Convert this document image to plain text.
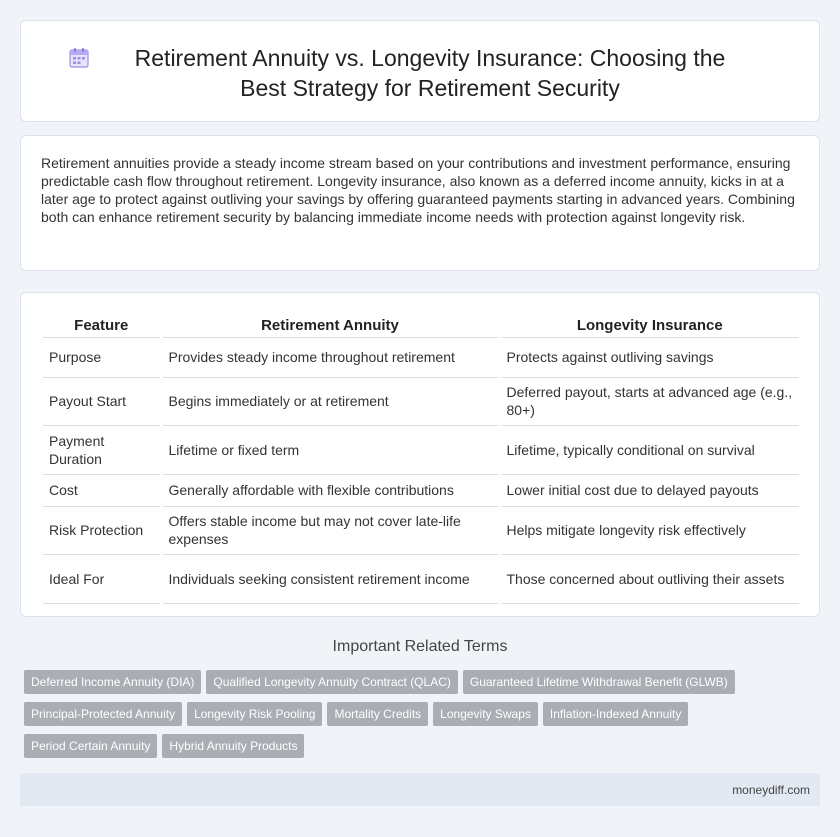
Retirement Annuity vs. Longevity Insurance: Choosing the Best Strategy for Retirement Security

Retirement annuities provide a steady income stream based on your contributions and investment performance, ensuring predictable cash flow throughout retirement. Longevity insurance, also known as a deferred income annuity, kicks in at a later age to protect against outliving your savings by offering guaranteed payments starting in advanced years. Combining both can enhance retirement security by balancing immediate income needs with protection against longevity risk.

Feature	Retirement Annuity	Longevity Insurance
Purpose	Provides steady income throughout retirement	Protects against outliving savings
Payout Start	Begins immediately or at retirement	Deferred payout, starts at advanced age (e.g., 80+)
Payment Duration	Lifetime or fixed term	Lifetime, typically conditional on survival
Cost	Generally affordable with flexible contributions	Lower initial cost due to delayed payouts
Risk Protection	Offers stable income but may not cover late-life expenses	Helps mitigate longevity risk effectively
Ideal For	Individuals seeking consistent retirement income	Those concerned about outliving their assets
Important Related Terms
Deferred Income Annuity (DIA) Qualified Longevity Annuity Contract (QLAC) Guaranteed Lifetime Withdrawal Benefit (GLWB)
Principal-Protected Annuity Longevity Risk Pooling Mortality Credits Longevity Swaps Inflation-Indexed Annuity
Period Certain Annuity Hybrid Annuity Products
moneydiff.com
